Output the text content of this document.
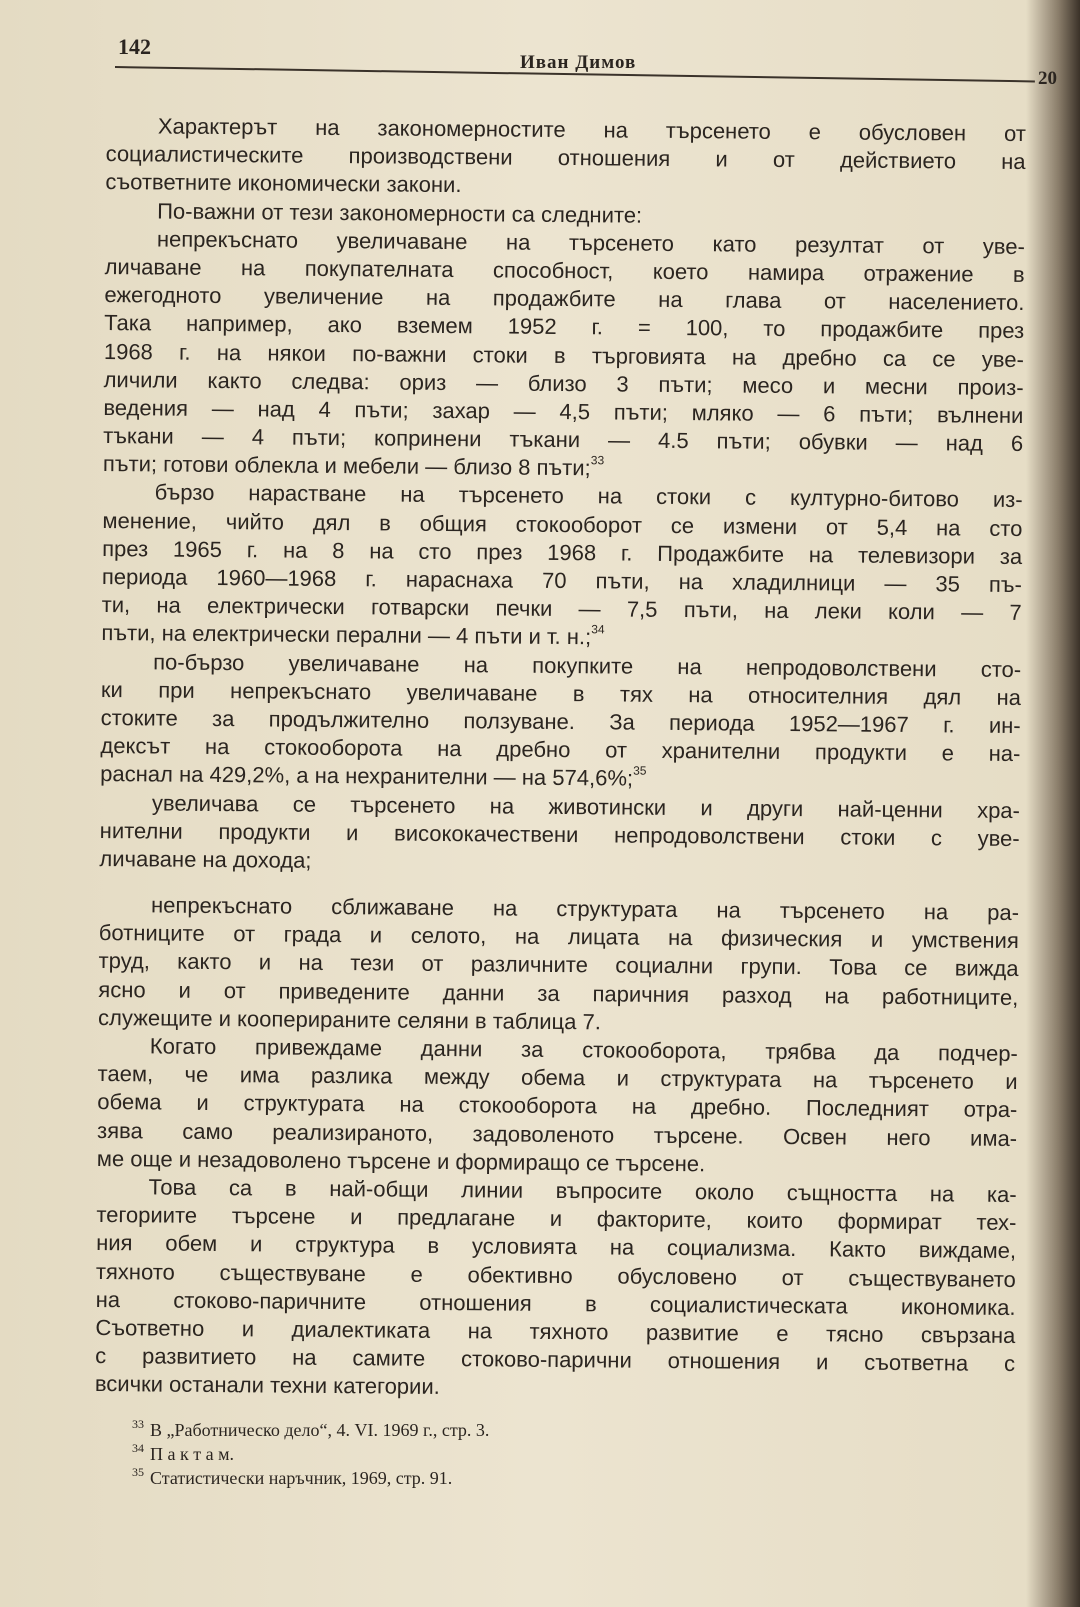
142
Иван Димов
20
Характерът на закономерностите на търсенето е обусловен от
социалистическите производствени отношения и от действието на
съответните икономически закони.
По-важни от тези закономерности са следните:
непрекъснато увеличаване на търсенето като резултат от уве-
личаване на покупателната способност, което намира отражение в
ежегодното увеличение на продажбите на глава от населението.
Така например, ако вземем 1952 г. = 100, то продажбите през
1968 г. на някои по-важни стоки в търговията на дребно са се уве-
личили както следва: ориз — близо 3 пъти; месо и месни произ-
ведения — над 4 пъти; захар — 4,5 пъти; мляко — 6 пъти; вълнени
тъкани — 4 пъти; копринени тъкани — 4.5 пъти; обувки — над 6
пъти; готови облекла и мебели — близо 8 пъти;$^{33}$
бързо нарастване на търсенето на стоки с културно-битово из-
менение, чийто дял в общия стокооборот се измени от 5,4 на сто
през 1965 г. на 8 на сто през 1968 г. Продажбите на телевизори за
периода 1960—1968 г. нараснаха 70 пъти, на хладилници — 35 пъ-
ти, на електрически готварски печки — 7,5 пъти, на леки коли — 7
пъти, на електрически перални — 4 пъти и т. н.;$^{34}$
по-бързо увеличаване на покупките на непродоволствени сто-
ки при непрекъснато увеличаване в тях на относителния дял на
стоките за продължително ползуване. За периода 1952—1967 г. ин-
дексът на стокооборота на дребно от хранителни продукти е на-
раснал на 429,2%, а на нехранителни — на 574,6%;$^{35}$
увеличава се търсенето на животински и други най-ценни хра-
нителни продукти и висококачествени непродоволствени стоки с уве-
личаване на дохода;
непрекъснато сближаване на структурата на търсенето на ра-
ботниците от града и селото, на лицата на физическия и умствения
труд, както и на тези от различните социални групи. Това се вижда
ясно и от приведените данни за паричния разход на работниците,
служещите и кооперираните селяни в таблица 7.
Когато привеждаме данни за стокооборота, трябва да подчер-
таем, че има разлика между обема и структурата на търсенето и
обема и структурата на стокооборота на дребно. Последният отра-
зява само реализираното, задоволеното търсене. Освен него има-
ме още и незадоволено търсене и формиращо се търсене.
Това са в най-общи линии въпросите около същността на ка-
тегориите търсене и предлагане и факторите, които формират тех-
ния обем и структура в условията на социализма. Както виждаме,
тяхното съществуване е обективно обусловено от съществуването
на стоково-паричните отношения в социалистическата икономика.
Съответно и диалектиката на тяхното развитие е тясно свързана
с развитието на самите стоково-парични отношения и съответна с
всички останали техни категории.
$^{33}$ В „Работническо дело“, 4. VI. 1969 г., стр. 3.
$^{34}$ П а к т а м.
$^{35}$ Статистически наръчник, 1969, стр. 91.
